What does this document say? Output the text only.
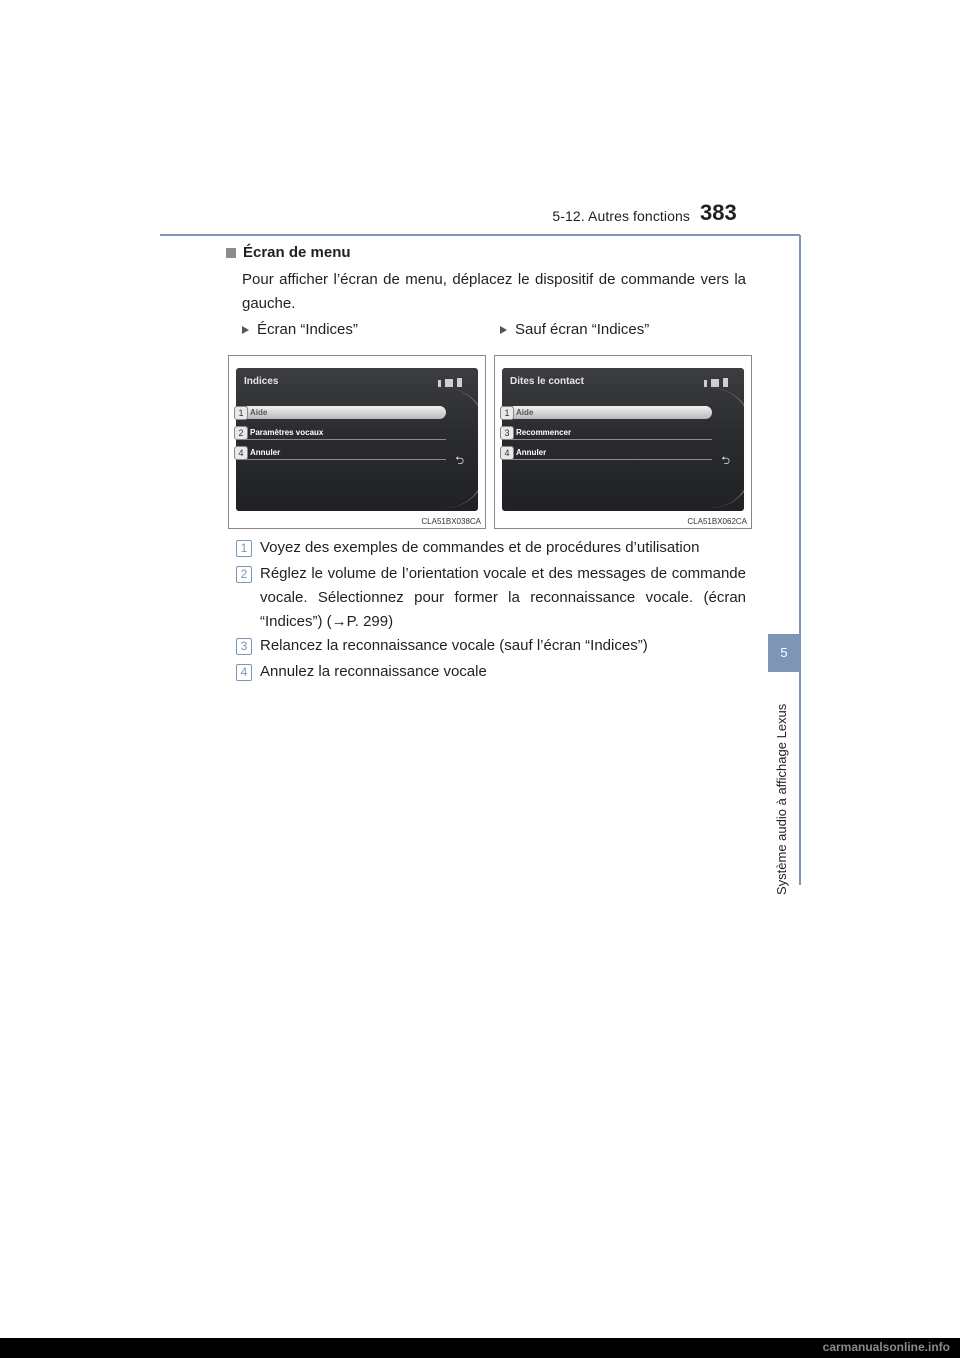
5-12. Autres fonctions 383
5
Système audio à affichage Lexus
Écran de menu
Pour afficher l’écran de menu, déplacez le dispositif de commande vers la gauche.
Écran “Indices”
Indices
Aide
Paramètres vocaux
Annuler
⮌
1
2
4
CLA51BX038CA
Sauf écran “Indices”
Dites le contact
Aide
Recommencer
Annuler
⮌
1
3
4
CLA51BX062CA
1 Voyez des exemples de commandes et de procédures d’utilisation
2 Réglez le volume de l’orientation vocale et des messages de commande vocale. Sélectionnez pour former la reconnaissance vocale. (écran “Indices”) (→P. 299)
3 Relancez la reconnaissance vocale (sauf l’écran “Indices”)
4 Annulez la reconnaissance vocale
carmanualsonline.info
